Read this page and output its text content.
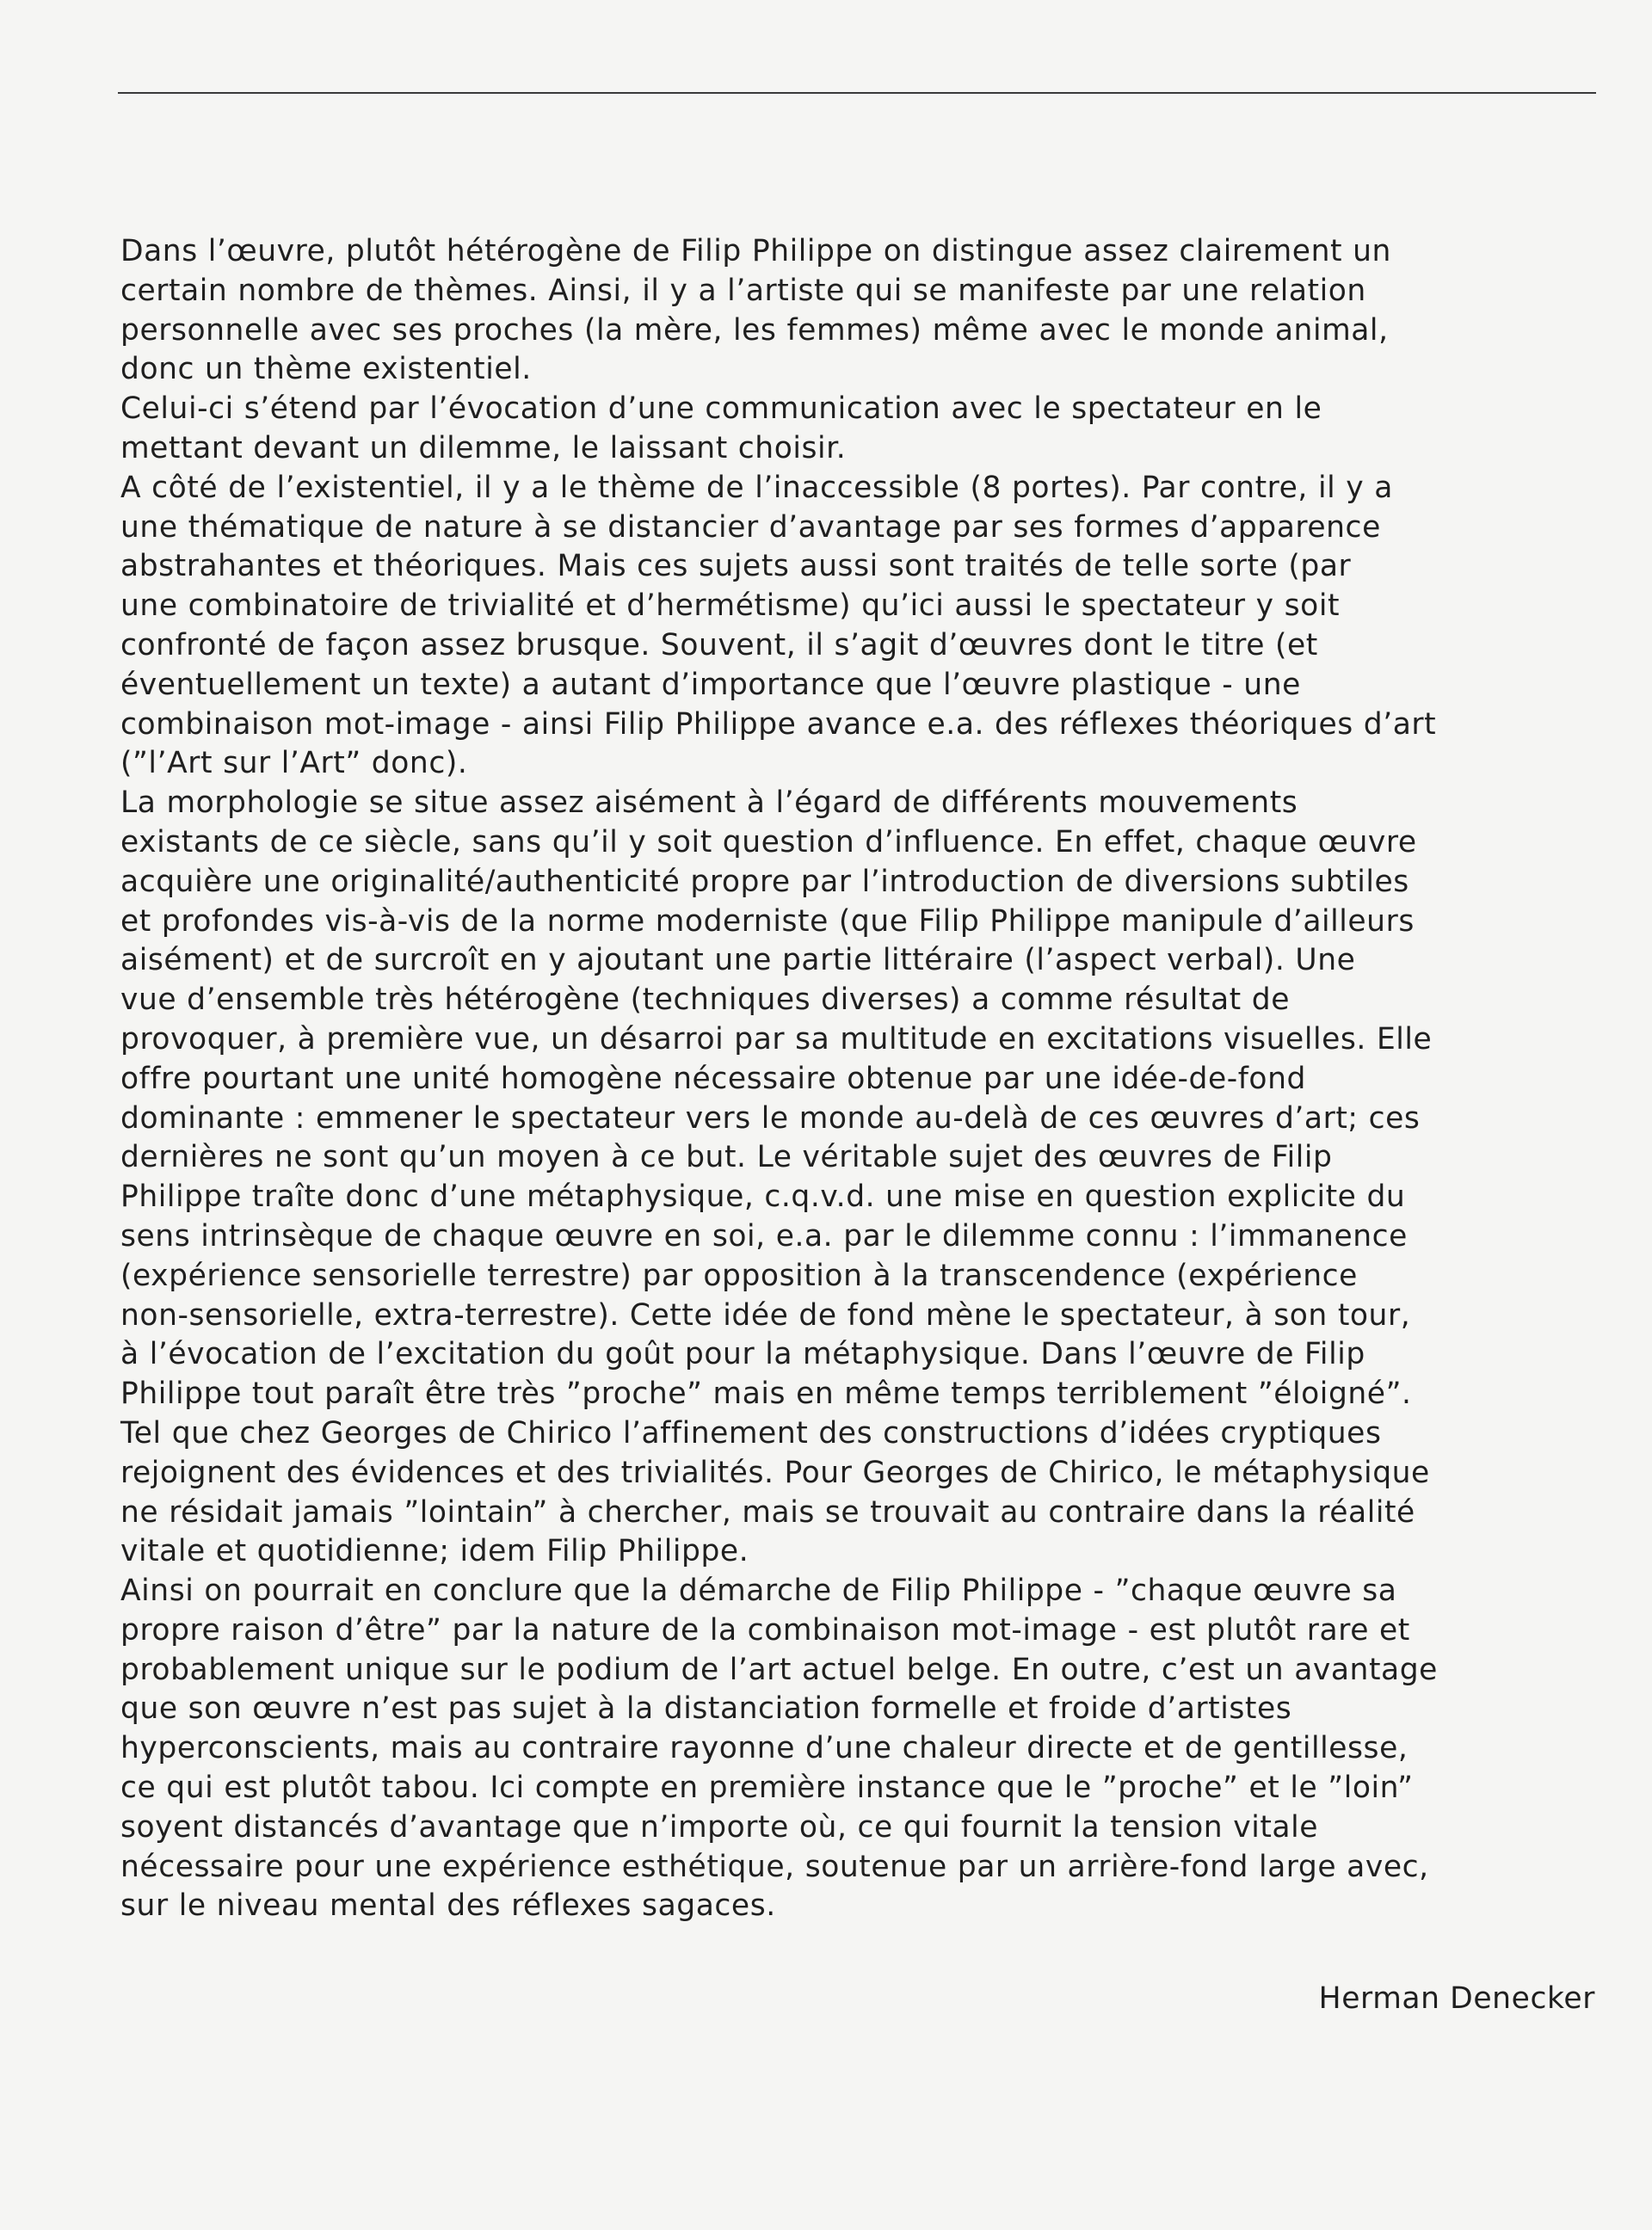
Dans l’œuvre, plutôt hétérogène de Filip Philippe on distingue assez clairement un
certain nombre de thèmes. Ainsi, il y a l’artiste qui se manifeste par une relation
personnelle avec ses proches (la mère, les femmes) même avec le monde animal,
donc un thème existentiel.
Celui-ci s’étend par l’évocation d’une communication avec le spectateur en le
mettant devant un dilemme, le laissant choisir.
A côté de l’existentiel, il y a le thème de l’inaccessible (8 portes). Par contre, il y a
une thématique de nature à se distancier d’avantage par ses formes d’apparence
abstrahantes et théoriques. Mais ces sujets aussi sont traités de telle sorte (par
une combinatoire de trivialité et d’hermétisme) qu’ici aussi le spectateur y soit
confronté de façon assez brusque. Souvent, il s’agit d’œuvres dont le titre (et
éventuellement un texte) a autant d’importance que l’œuvre plastique - une
combinaison mot-image - ainsi Filip Philippe avance e.a. des réflexes théoriques d’art
(”l’Art sur l’Art” donc).
La morphologie se situe assez aisément à l’égard de différents mouvements
existants de ce siècle, sans qu’il y soit question d’influence. En effet, chaque œuvre
acquière une originalité/authenticité propre par l’introduction de diversions subtiles
et profondes vis-à-vis de la norme moderniste (que Filip Philippe manipule d’ailleurs
aisément) et de surcroît en y ajoutant une partie littéraire (l’aspect verbal). Une
vue d’ensemble très hétérogène (techniques diverses) a comme résultat de
provoquer, à première vue, un désarroi par sa multitude en excitations visuelles. Elle
offre pourtant une unité homogène nécessaire obtenue par une idée-de-fond
dominante : emmener le spectateur vers le monde au-delà de ces œuvres d’art; ces
dernières ne sont qu’un moyen à ce but. Le véritable sujet des œuvres de Filip
Philippe traîte donc d’une métaphysique, c.q.v.d. une mise en question explicite du
sens intrinsèque de chaque œuvre en soi, e.a. par le dilemme connu : l’immanence
(expérience sensorielle terrestre) par opposition à la transcendence (expérience
non-sensorielle, extra-terrestre). Cette idée de fond mène le spectateur, à son tour,
à l’évocation de l’excitation du goût pour la métaphysique. Dans l’œuvre de Filip
Philippe tout paraît être très ”proche” mais en même temps terriblement ”éloigné”.
Tel que chez Georges de Chirico l’affinement des constructions d’idées cryptiques
rejoignent des évidences et des trivialités. Pour Georges de Chirico, le métaphysique
ne résidait jamais ”lointain” à chercher, mais se trouvait au contraire dans la réalité
vitale et quotidienne; idem Filip Philippe.
Ainsi on pourrait en conclure que la démarche de Filip Philippe - ”chaque œuvre sa
propre raison d’être” par la nature de la combinaison mot-image - est plutôt rare et
probablement unique sur le podium de l’art actuel belge. En outre, c’est un avantage
que son œuvre n’est pas sujet à la distanciation formelle et froide d’artistes
hyperconscients, mais au contraire rayonne d’une chaleur directe et de gentillesse,
ce qui est plutôt tabou. Ici compte en première instance que le ”proche” et le ”loin”
soyent distancés d’avantage que n’importe où, ce qui fournit la tension vitale
nécessaire pour une expérience esthétique, soutenue par un arrière-fond large avec,
sur le niveau mental des réflexes sagaces.
Herman Denecker
